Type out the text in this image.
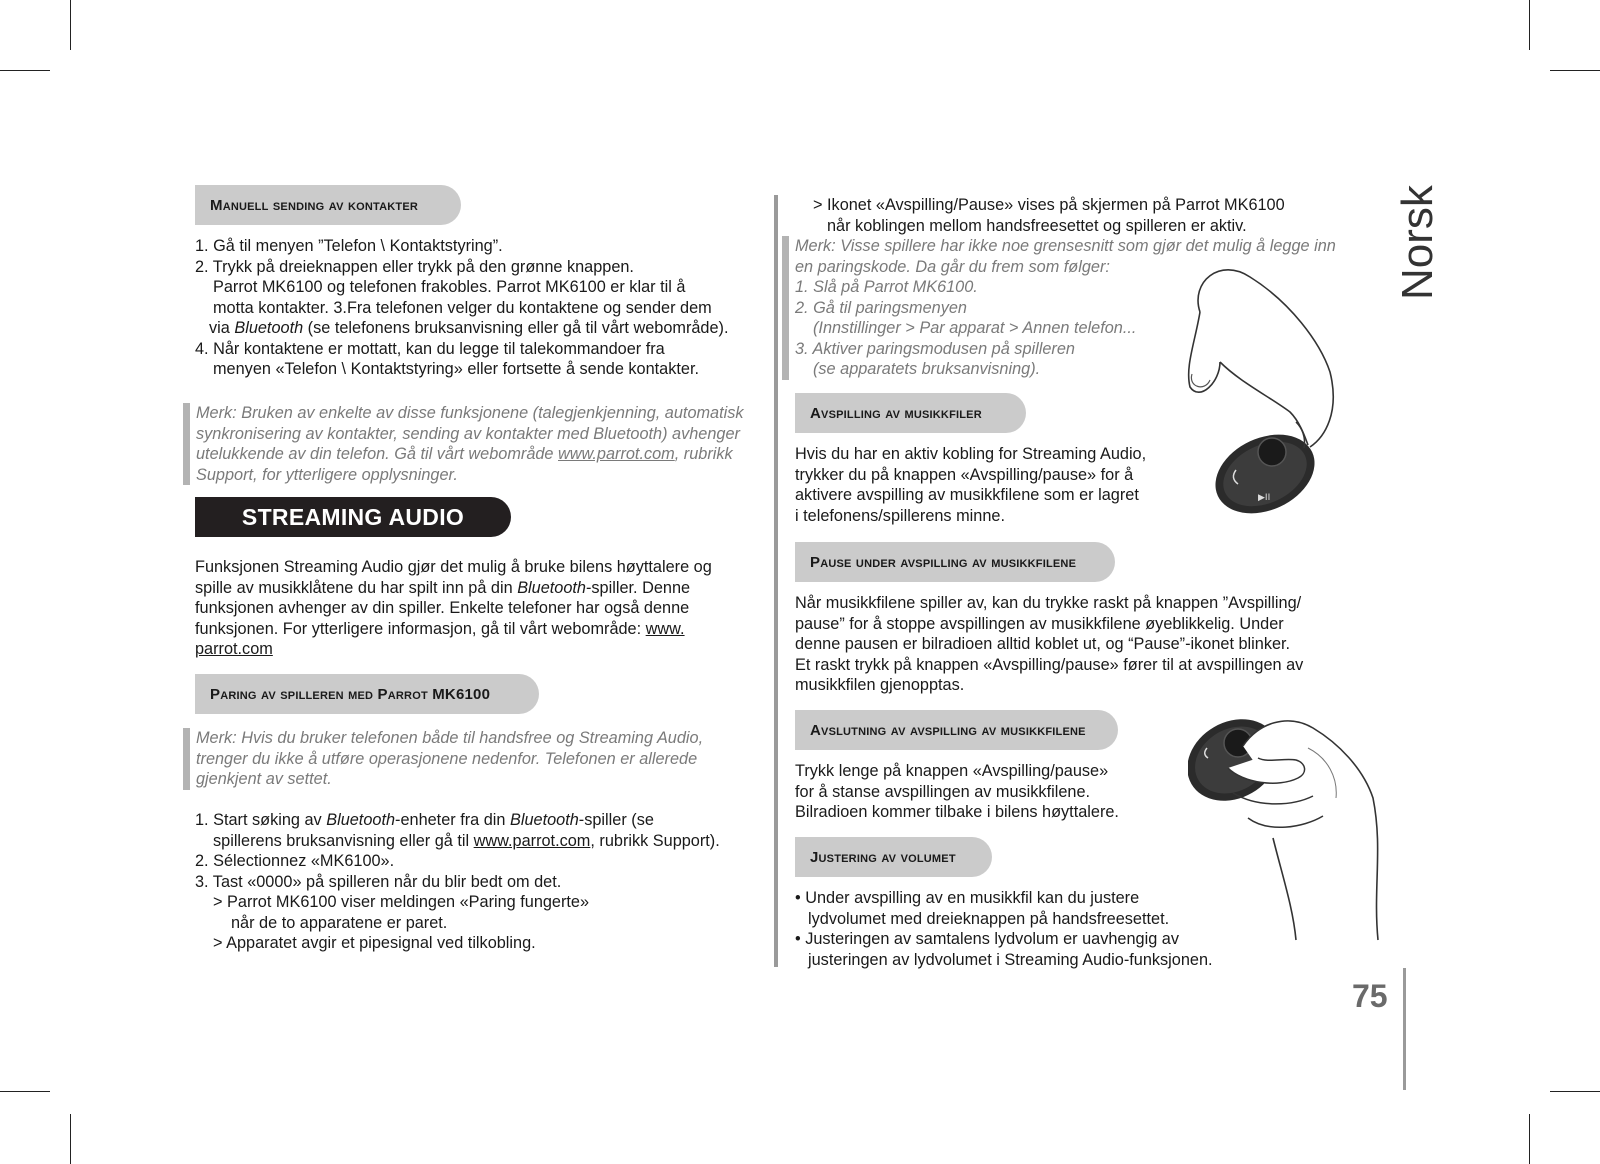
Manuell sending av kontakter
1. Gå til menyen ”Telefon \ Kontaktstyring”.
2. Trykk på dreieknappen eller trykk på den grønne knappen.
Parrot MK6100 og telefonen frakobles. Parrot MK6100 er klar til å
motta kontakter. 3.Fra telefonen velger du kontaktene og sender dem
via Bluetooth (se telefonens bruksanvisning eller gå til vårt webområde).
4. Når kontaktene er mottatt, kan du legge til talekommandoer fra
menyen «Telefon \ Kontaktstyring» eller fortsette å sende kontakter.
Merk: Bruken av enkelte av disse funksjonene (talegjenkjenning, automatisk
synkronisering av kontakter, sending av kontakter med Bluetooth) avhenger
utelukkende av din telefon. Gå til vårt webområde www.parrot.com, rubrikk
Support, for ytterligere opplysninger.
STREAMING AUDIO
Funksjonen Streaming Audio gjør det mulig å bruke bilens høyttalere og
spille av musikklåtene du har spilt inn på din Bluetooth-spiller. Denne
funksjonen avhenger av din spiller. Enkelte telefoner har også denne
funksjonen. For ytterligere informasjon, gå til vårt webområde: www.
parrot.com
Paring av spilleren med Parrot MK6100
Merk: Hvis du bruker telefonen både til handsfree og Streaming Audio,
trenger du ikke å utføre operasjonene nedenfor. Telefonen er allerede
gjenkjent av settet.
1. Start søking av Bluetooth-enheter fra din Bluetooth-spiller (se
spillerens bruksanvisning eller gå til www.parrot.com, rubrikk Support).
2. Sélectionnez «MK6100».
3. Tast «0000» på spilleren når du blir bedt om det.
> Parrot MK6100 viser meldingen «Paring fungerte»
når de to apparatene er paret.
> Apparatet avgir et pipesignal ved tilkobling.
> Ikonet «Avspilling/Pause» vises på skjermen på Parrot MK6100
når koblingen mellom handsfreesettet og spilleren er aktiv.
Merk: Visse spillere har ikke noe grensesnitt som gjør det mulig å legge inn
en paringskode. Da går du frem som følger:
1. Slå på Parrot MK6100.
2. Gå til paringsmenyen
(Innstillinger > Par apparat > Annen telefon...
3. Aktiver paringsmodusen på spilleren
(se apparatets bruksanvisning).
▶II
Avspilling av musikkfiler
Hvis du har en aktiv kobling for Streaming Audio,
trykker du på knappen «Avspilling/pause» for å
aktivere avspilling av musikkfilene som er lagret
i telefonens/spillerens minne.
Pause under avspilling av musikkfilene
Når musikkfilene spiller av, kan du trykke raskt på knappen ”Avspilling/
pause” for å stoppe avspillingen av musikkfilene øyeblikkelig. Under
denne pausen er bilradioen alltid koblet ut, og “Pause”-ikonet blinker.
Et raskt trykk på knappen «Avspilling/pause» fører til at avspillingen av
musikkfilen gjenopptas.
Avslutning av avspilling av musikkfilene
Trykk lenge på knappen «Avspilling/pause»
for å stanse avspillingen av musikkfilene.
Bilradioen kommer tilbake i bilens høyttalere.
Justering av volumet
• Under avspilling av en musikkfil kan du justere
lydvolumet med dreieknappen på handsfreesettet.
• Justeringen av samtalens lydvolum er uavhengig av
justeringen av lydvolumet i Streaming Audio-funksjonen.
Norsk
75
